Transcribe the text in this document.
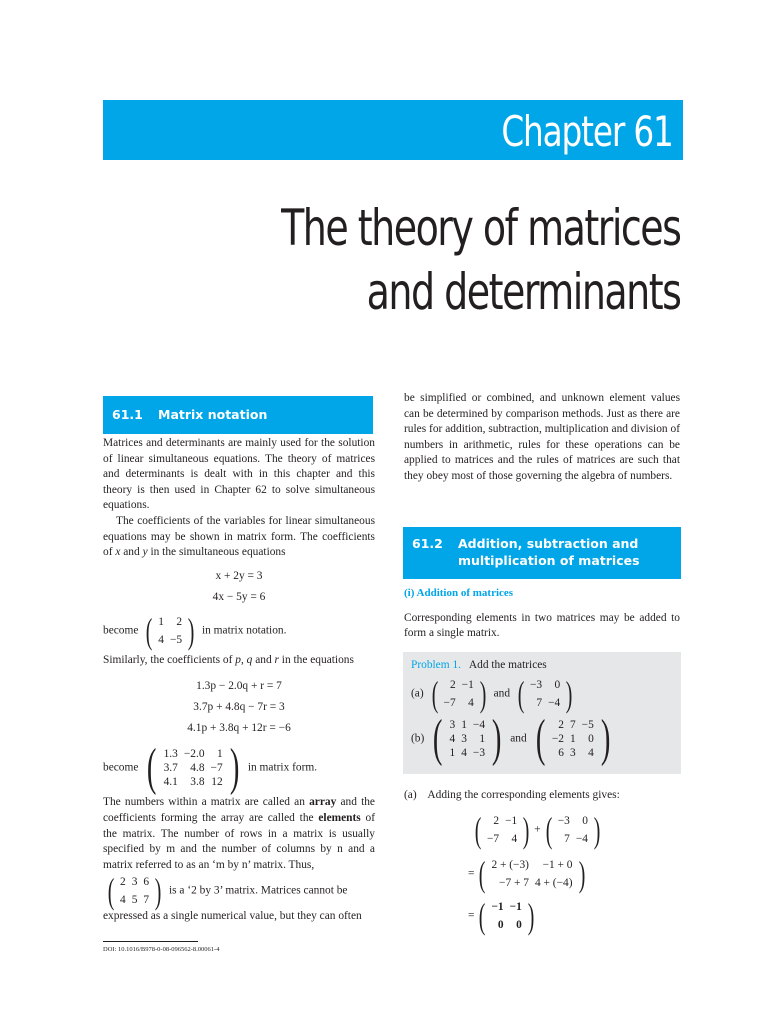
Chapter 61
The theory of matrices
and determinants
61.1 Matrix notation

Matrices and determinants are mainly used for the solution of linear simultaneous equations. The theory of matrices and determinants is dealt with in this chapter and this theory is then used in Chapter 62 to solve simultaneous equations.

The coefficients of the variables for linear simultaneous equations may be shown in matrix form. The coefficients of x and y in the simultaneous equations

x + 2y = 3
4x − 5y = 6
become ( 1	2
4	−5 ) in matrix notation.

Similarly, the coefficients of p, q and r in the equations

1.3p − 2.0q + r = 7
3.7p + 4.8q − 7r = 3
4.1p + 3.8q + 12r = −6
become ( 1.3	−2.0	1
3.7	4.8	−7
4.1	3.8	12 ) in matrix form.

The numbers within a matrix are called an array and the coefficients forming the array are called the elements of the matrix. The number of rows in a matrix is usually specified by m and the number of columns by n and a matrix referred to as an ‘m by n’ matrix. Thus,

( 2	3	6
4	5	7 ) is a ‘2 by 3’ matrix. Matrices cannot be

expressed as a single numerical value, but they can often

be simplified or combined, and unknown element values can be determined by comparison methods. Just as there are rules for addition, subtraction, multiplication and division of numbers in arithmetic, rules for these operations can be applied to matrices and the rules of matrices are such that they obey most of those governing the algebra of numbers.

61.2 Addition, subtraction and
multiplication of matrices
(i) Addition of matrices

Corresponding elements in two matrices may be added to form a single matrix.

Problem 1. Add the matrices
(a) ( 2	−1
−7	4 ) and ( −3	0
7	−4 )
(b) ( 3	1	−4
4	3	1
1	4	−3 ) and ( 2	7	−5
−2	1	0
6	3	4 )
(a)    Adding the corresponding elements gives:
( 2	−1
−7	4 ) + ( −3	0
7	−4 )
= ( 2 + (−3)	−1 + 0
−7 + 7	4 + (−4) )
= ( −1	−1
0	0 )
DOI: 10.1016/B978-0-08-096562-8.00061-4
